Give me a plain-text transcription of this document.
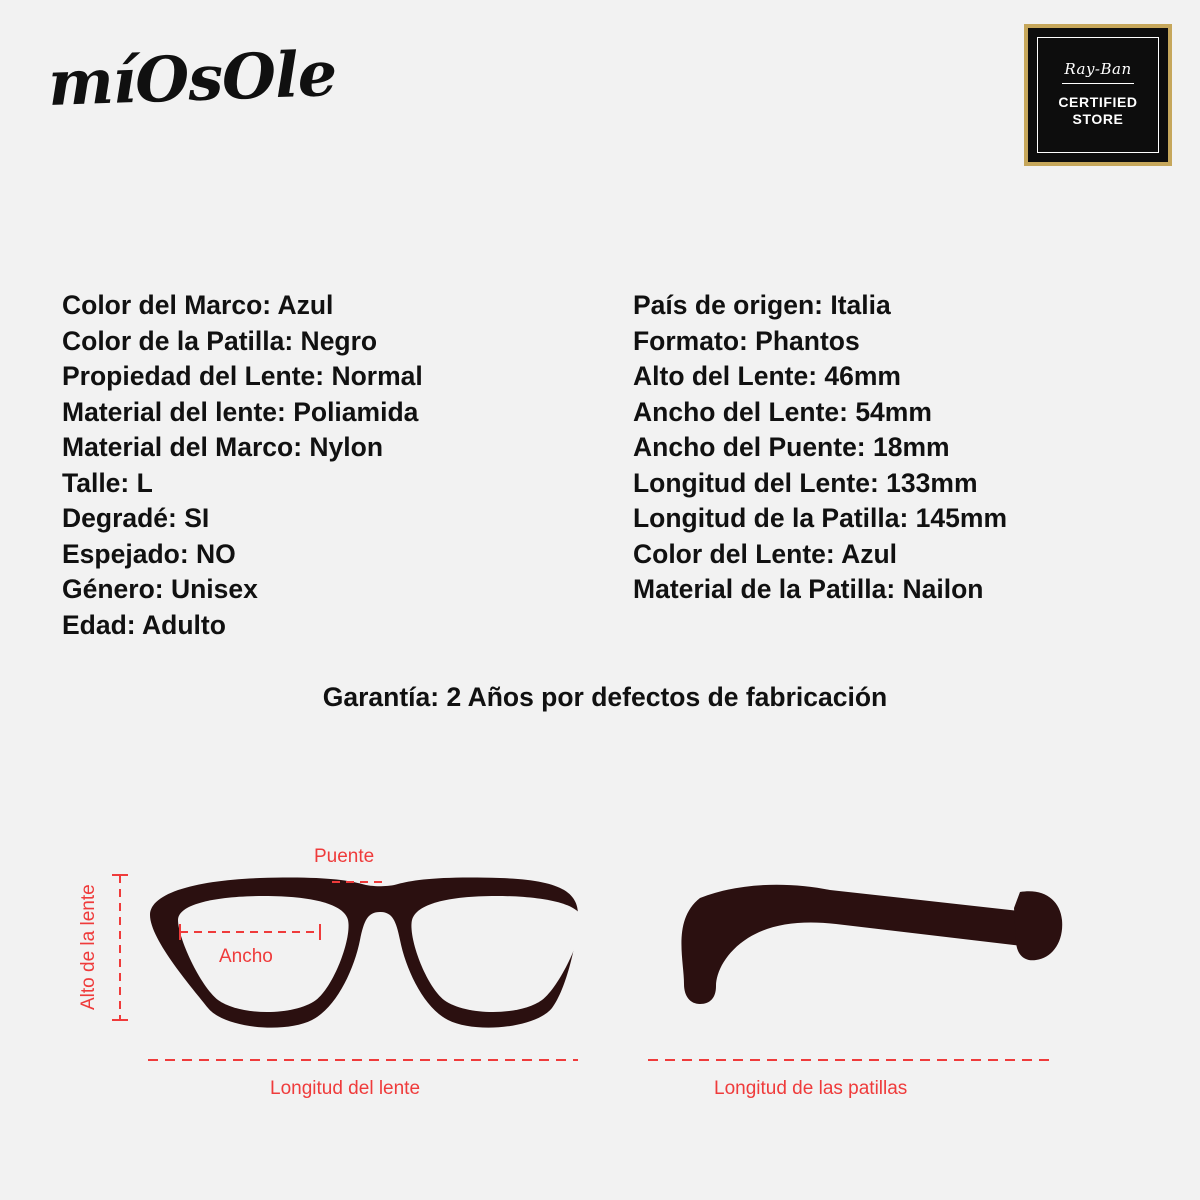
míOsOle	Ray-Ban
CERTIFIED
STORE
Color del Marco: Azul
Color de la Patilla: Negro
Propiedad del Lente: Normal
Material del lente: Poliamida
Material del Marco: Nylon
Talle: L
Degradé: SI
Espejado: NO
Género: Unisex
Edad: Adulto
País de origen: Italia
Formato: Phantos
Alto del Lente: 46mm
Ancho del Lente: 54mm
Ancho del Puente: 18mm
Longitud del Lente: 133mm
Longitud de la Patilla: 145mm
Color del Lente: Azul
Material de la Patilla: Nailon
Garantía: 2 Años por defectos de fabricación
Puente
Ancho
Alto de la lente
Longitud del lente	Longitud de las patillas
